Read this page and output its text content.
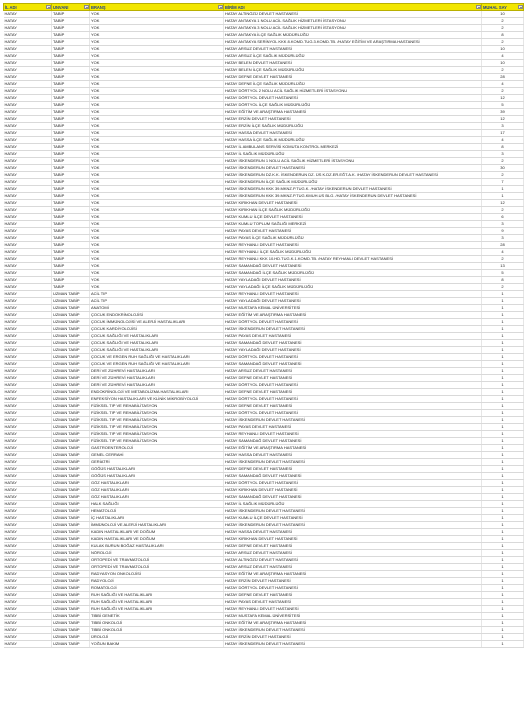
İL ADI	UNVANI	BRANŞ	BİRİM ADI	MUHAL SAY

HATAY	TABİP	YOK	HATAY ALTINÖZÜ DEVLET HASTANESİ	10
HATAY	TABİP	YOK	HATAY ANTAKYA 1 NOLU ACİL SAĞLIK HİZMETLERİ İSTASYONU	2
HATAY	TABİP	YOK	HATAY ANTAKYA 3 NOLU ACİL SAĞLIK HİZMETLERİ İSTASYONU	2
HATAY	TABİP	YOK	HATAY ANTAKYA İLÇE SAĞLIK MÜDÜRLÜĞÜ	8
HATAY	TABİP	YOK	HATAY ANTAKYA SERİNYOL KKK 8.KOMD.TUG.3.KOMD.TB. /HATAY EĞİTİM VE ARAŞTIRMA HASTANESİ	2
HATAY	TABİP	YOK	HATAY ARSUZ DEVLET HASTANESİ	10
HATAY	TABİP	YOK	HATAY ARSUZ İLÇE SAĞLIK MÜDÜRLÜĞÜ	4
HATAY	TABİP	YOK	HATAY BELEN DEVLET HASTANESİ	10
HATAY	TABİP	YOK	HATAY BELEN İLÇE SAĞLIK MÜDÜRLÜĞÜ	2
HATAY	TABİP	YOK	HATAY DEFNE DEVLET HASTANESİ	28
HATAY	TABİP	YOK	HATAY DEFNE İLÇE SAĞLIK MÜDÜRLÜĞÜ	4
HATAY	TABİP	YOK	HATAY DÖRTYOL 2 NOLU ACİL SAĞLIK HİZMETLERİ İSTASYONU	2
HATAY	TABİP	YOK	HATAY DÖRTYOL DEVLET HASTANESİ	12
HATAY	TABİP	YOK	HATAY DÖRTYOL İLÇE SAĞLIK MÜDÜRLÜĞÜ	5
HATAY	TABİP	YOK	HATAY EĞİTİM VE ARAŞTIRMA HASTANESİ	39
HATAY	TABİP	YOK	HATAY ERZİN DEVLET HASTANESİ	12
HATAY	TABİP	YOK	HATAY ERZİN İLÇE SAĞLIK MÜDÜRLÜĞÜ	3
HATAY	TABİP	YOK	HATAY HASSA DEVLET HASTANESİ	17
HATAY	TABİP	YOK	HATAY HASSA İLÇE SAĞLIK MÜDÜRLÜĞÜ	4
HATAY	TABİP	YOK	HATAY İL AMBULANS SERVİSİ KOMUTA KONTROL MERKEZİ	8
HATAY	TABİP	YOK	HATAY İL SAĞLIK MÜDÜRLÜĞÜ	3
HATAY	TABİP	YOK	HATAY İSKENDERUN 1 NOLU ACİL SAĞLIK HİZMETLERİ İSTASYONU	2
HATAY	TABİP	YOK	HATAY İSKENDERUN DEVLET HASTANESİ	30
HATAY	TABİP	YOK	HATAY İSKENDERUN DZ.K.K. İSKENDERUN DZ. ÜS K.DZ.ER.EĞT.A.K. /HATAY İSKENDERUN DEVLET HASTANESİ	2
HATAY	TABİP	YOK	HATAY İSKENDERUN İLÇE SAĞLIK MÜDÜRLÜĞÜ	7
HATAY	TABİP	YOK	HATAY İSKENDERUN KKK 39.MKNZ.P.TUG.K. /HATAY İSKENDERUN DEVLET HASTANESİ	1
HATAY	TABİP	YOK	HATAY İSKENDERUN KKK 39.MKNZ.P.TUG.KMUH.US BLG. /HATAY İSKENDERUN DEVLET HASTANESİ	1
HATAY	TABİP	YOK	HATAY KIRIKHAN DEVLET HASTANESİ	12
HATAY	TABİP	YOK	HATAY KIRIKHAN İLÇE SAĞLIK MÜDÜRLÜĞÜ	2
HATAY	TABİP	YOK	HATAY KUMLU İLÇE DEVLET HASTANESİ	6
HATAY	TABİP	YOK	HATAY KUMLU TOPLUM SAĞLIĞI MERKEZİ	3
HATAY	TABİP	YOK	HATAY PAYAS DEVLET HASTANESİ	9
HATAY	TABİP	YOK	HATAY PAYAS İLÇE SAĞLIK MÜDÜRLÜĞÜ	3
HATAY	TABİP	YOK	HATAY REYHANLI DEVLET HASTANESİ	28
HATAY	TABİP	YOK	HATAY REYHANLI İLÇE SAĞLIK MÜDÜRLÜĞÜ	4
HATAY	TABİP	YOK	HATAY REYHANLI KKK 10.HD.TUG.K.1.KOMD.TB. /HATAY REYHANLI DEVLET HASTANESİ	2
HATAY	TABİP	YOK	HATAY SAMANDAĞ DEVLET HASTANESİ	13
HATAY	TABİP	YOK	HATAY SAMANDAĞ İLÇE SAĞLIK MÜDÜRLÜĞÜ	5
HATAY	TABİP	YOK	HATAY YAYLADAĞI DEVLET HASTANESİ	8
HATAY	TABİP	YOK	HATAY YAYLADAĞI İLÇE SAĞLIK MÜDÜRLÜĞÜ	2
HATAY	UZMAN TABİP	ACİL TIP	HATAY REYHANLI DEVLET HASTANESİ	1
HATAY	UZMAN TABİP	ACİL TIP	HATAY YAYLADAĞI DEVLET HASTANESİ	1
HATAY	UZMAN TABİP	ANATOMİ	HATAY MUSTAFA KEMAL ÜNİVERSİTESİ	1
HATAY	UZMAN TABİP	ÇOCUK ENDOKRİNOLOJİSİ	HATAY EĞİTİM VE ARAŞTIRMA HASTANESİ	1
HATAY	UZMAN TABİP	ÇOCUK İMMÜNOLOJİSİ VE ALERJİ HASTALIKLARI	HATAY DÖRTYOL DEVLET HASTANESİ	1
HATAY	UZMAN TABİP	ÇOCUK KARDİYOLOJİSİ	HATAY İSKENDERUN DEVLET HASTANESİ	1
HATAY	UZMAN TABİP	ÇOCUK SAĞLIĞI VE HASTALIKLARI	HATAY PAYAS DEVLET HASTANESİ	1
HATAY	UZMAN TABİP	ÇOCUK SAĞLIĞI VE HASTALIKLARI	HATAY SAMANDAĞ DEVLET HASTANESİ	1
HATAY	UZMAN TABİP	ÇOCUK SAĞLIĞI VE HASTALIKLARI	HATAY YAYLADAĞI DEVLET HASTANESİ	1
HATAY	UZMAN TABİP	ÇOCUK VE ERGEN RUH SAĞLIĞI VE HASTALIKLARI	HATAY DÖRTYOL DEVLET HASTANESİ	1
HATAY	UZMAN TABİP	ÇOCUK VE ERGEN RUH SAĞLIĞI VE HASTALIKLARI	HATAY SAMANDAĞ DEVLET HASTANESİ	1
HATAY	UZMAN TABİP	DERİ VE ZÜHREVİ HASTALIKLARI	HATAY ARSUZ DEVLET HASTANESİ	1
HATAY	UZMAN TABİP	DERİ VE ZÜHREVİ HASTALIKLARI	HATAY DEFNE DEVLET HASTANESİ	1
HATAY	UZMAN TABİP	DERİ VE ZÜHREVİ HASTALIKLARI	HATAY DÖRTYOL DEVLET HASTANESİ	1
HATAY	UZMAN TABİP	ENDOKRİNOLOJİ VE METABOLİZMA HASTALIKLARI	HATAY DEFNE DEVLET HASTANESİ	1
HATAY	UZMAN TABİP	ENFEKSİYON HASTALIKLARI VE KLİNİK MİKROBİYOLOJİ	HATAY DÖRTYOL DEVLET HASTANESİ	1
HATAY	UZMAN TABİP	FİZİKSEL TIP VE REHABİLİTASYON	HATAY DEFNE DEVLET HASTANESİ	1
HATAY	UZMAN TABİP	FİZİKSEL TIP VE REHABİLİTASYON	HATAY DÖRTYOL DEVLET HASTANESİ	1
HATAY	UZMAN TABİP	FİZİKSEL TIP VE REHABİLİTASYON	HATAY İSKENDERUN DEVLET HASTANESİ	1
HATAY	UZMAN TABİP	FİZİKSEL TIP VE REHABİLİTASYON	HATAY PAYAS DEVLET HASTANESİ	1
HATAY	UZMAN TABİP	FİZİKSEL TIP VE REHABİLİTASYON	HATAY REYHANLI DEVLET HASTANESİ	1
HATAY	UZMAN TABİP	FİZİKSEL TIP VE REHABİLİTASYON	HATAY SAMANDAĞ DEVLET HASTANESİ	1
HATAY	UZMAN TABİP	GASTROENTEROLOJİ	HATAY EĞİTİM VE ARAŞTIRMA HASTANESİ	1
HATAY	UZMAN TABİP	GENEL CERRAHİ	HATAY HASSA DEVLET HASTANESİ	1
HATAY	UZMAN TABİP	GERİATRİ	HATAY İSKENDERUN DEVLET HASTANESİ	1
HATAY	UZMAN TABİP	GÖĞÜS HASTALIKLARI	HATAY DEFNE DEVLET HASTANESİ	1
HATAY	UZMAN TABİP	GÖĞÜS HASTALIKLARI	HATAY SAMANDAĞ DEVLET HASTANESİ	1
HATAY	UZMAN TABİP	GÖZ HASTALIKLARI	HATAY DÖRTYOL DEVLET HASTANESİ	1
HATAY	UZMAN TABİP	GÖZ HASTALIKLARI	HATAY KIRIKHAN DEVLET HASTANESİ	1
HATAY	UZMAN TABİP	GÖZ HASTALIKLARI	HATAY SAMANDAĞ DEVLET HASTANESİ	1
HATAY	UZMAN TABİP	HALK SAĞLIĞI	HATAY İL SAĞLIK MÜDÜRLÜĞÜ	1
HATAY	UZMAN TABİP	HEMATOLOJİ	HATAY İSKENDERUN DEVLET HASTANESİ	1
HATAY	UZMAN TABİP	İÇ HASTALIKLARI	HATAY KUMLU İLÇE DEVLET HASTANESİ	1
HATAY	UZMAN TABİP	İMMÜNOLOJİ VE ALERJİ HASTALIKLARI	HATAY İSKENDERUN DEVLET HASTANESİ	1
HATAY	UZMAN TABİP	KADIN HASTALIKLARI VE DOĞUM	HATAY HASSA DEVLET HASTANESİ	1
HATAY	UZMAN TABİP	KADIN HASTALIKLARI VE DOĞUM	HATAY KIRIKHAN DEVLET HASTANESİ	1
HATAY	UZMAN TABİP	KULAK BURUN BOĞAZ HASTALIKLARI	HATAY DEFNE DEVLET HASTANESİ	1
HATAY	UZMAN TABİP	NÖROLOJİ	HATAY ARSUZ DEVLET HASTANESİ	1
HATAY	UZMAN TABİP	ORTOPEDİ VE TRAVMATOLOJİ	HATAY ALTINÖZÜ DEVLET HASTANESİ	1
HATAY	UZMAN TABİP	ORTOPEDİ VE TRAVMATOLOJİ	HATAY ARSUZ DEVLET HASTANESİ	1
HATAY	UZMAN TABİP	RADYASYON ONKOLOJİSİ	HATAY EĞİTİM VE ARAŞTIRMA HASTANESİ	1
HATAY	UZMAN TABİP	RADYOLOJİ	HATAY ERZİN DEVLET HASTANESİ	1
HATAY	UZMAN TABİP	ROMATOLOJİ	HATAY DÖRTYOL DEVLET HASTANESİ	1
HATAY	UZMAN TABİP	RUH SAĞLIĞI VE HASTALIKLARI	HATAY DEFNE DEVLET HASTANESİ	1
HATAY	UZMAN TABİP	RUH SAĞLIĞI VE HASTALIKLARI	HATAY PAYAS DEVLET HASTANESİ	1
HATAY	UZMAN TABİP	RUH SAĞLIĞI VE HASTALIKLARI	HATAY REYHANLI DEVLET HASTANESİ	1
HATAY	UZMAN TABİP	TIBBİ GENETİK	HATAY MUSTAFA KEMAL ÜNİVERSİTESİ	1
HATAY	UZMAN TABİP	TIBBİ ONKOLOJİ	HATAY EĞİTİM VE ARAŞTIRMA HASTANESİ	1
HATAY	UZMAN TABİP	TIBBİ ONKOLOJİ	HATAY İSKENDERUN DEVLET HASTANESİ	1
HATAY	UZMAN TABİP	ÜROLOJİ	HATAY ERZİN DEVLET HASTANESİ	1
HATAY	UZMAN TABİP	YOĞUN BAKIM	HATAY İSKENDERUN DEVLET HASTANESİ	1
